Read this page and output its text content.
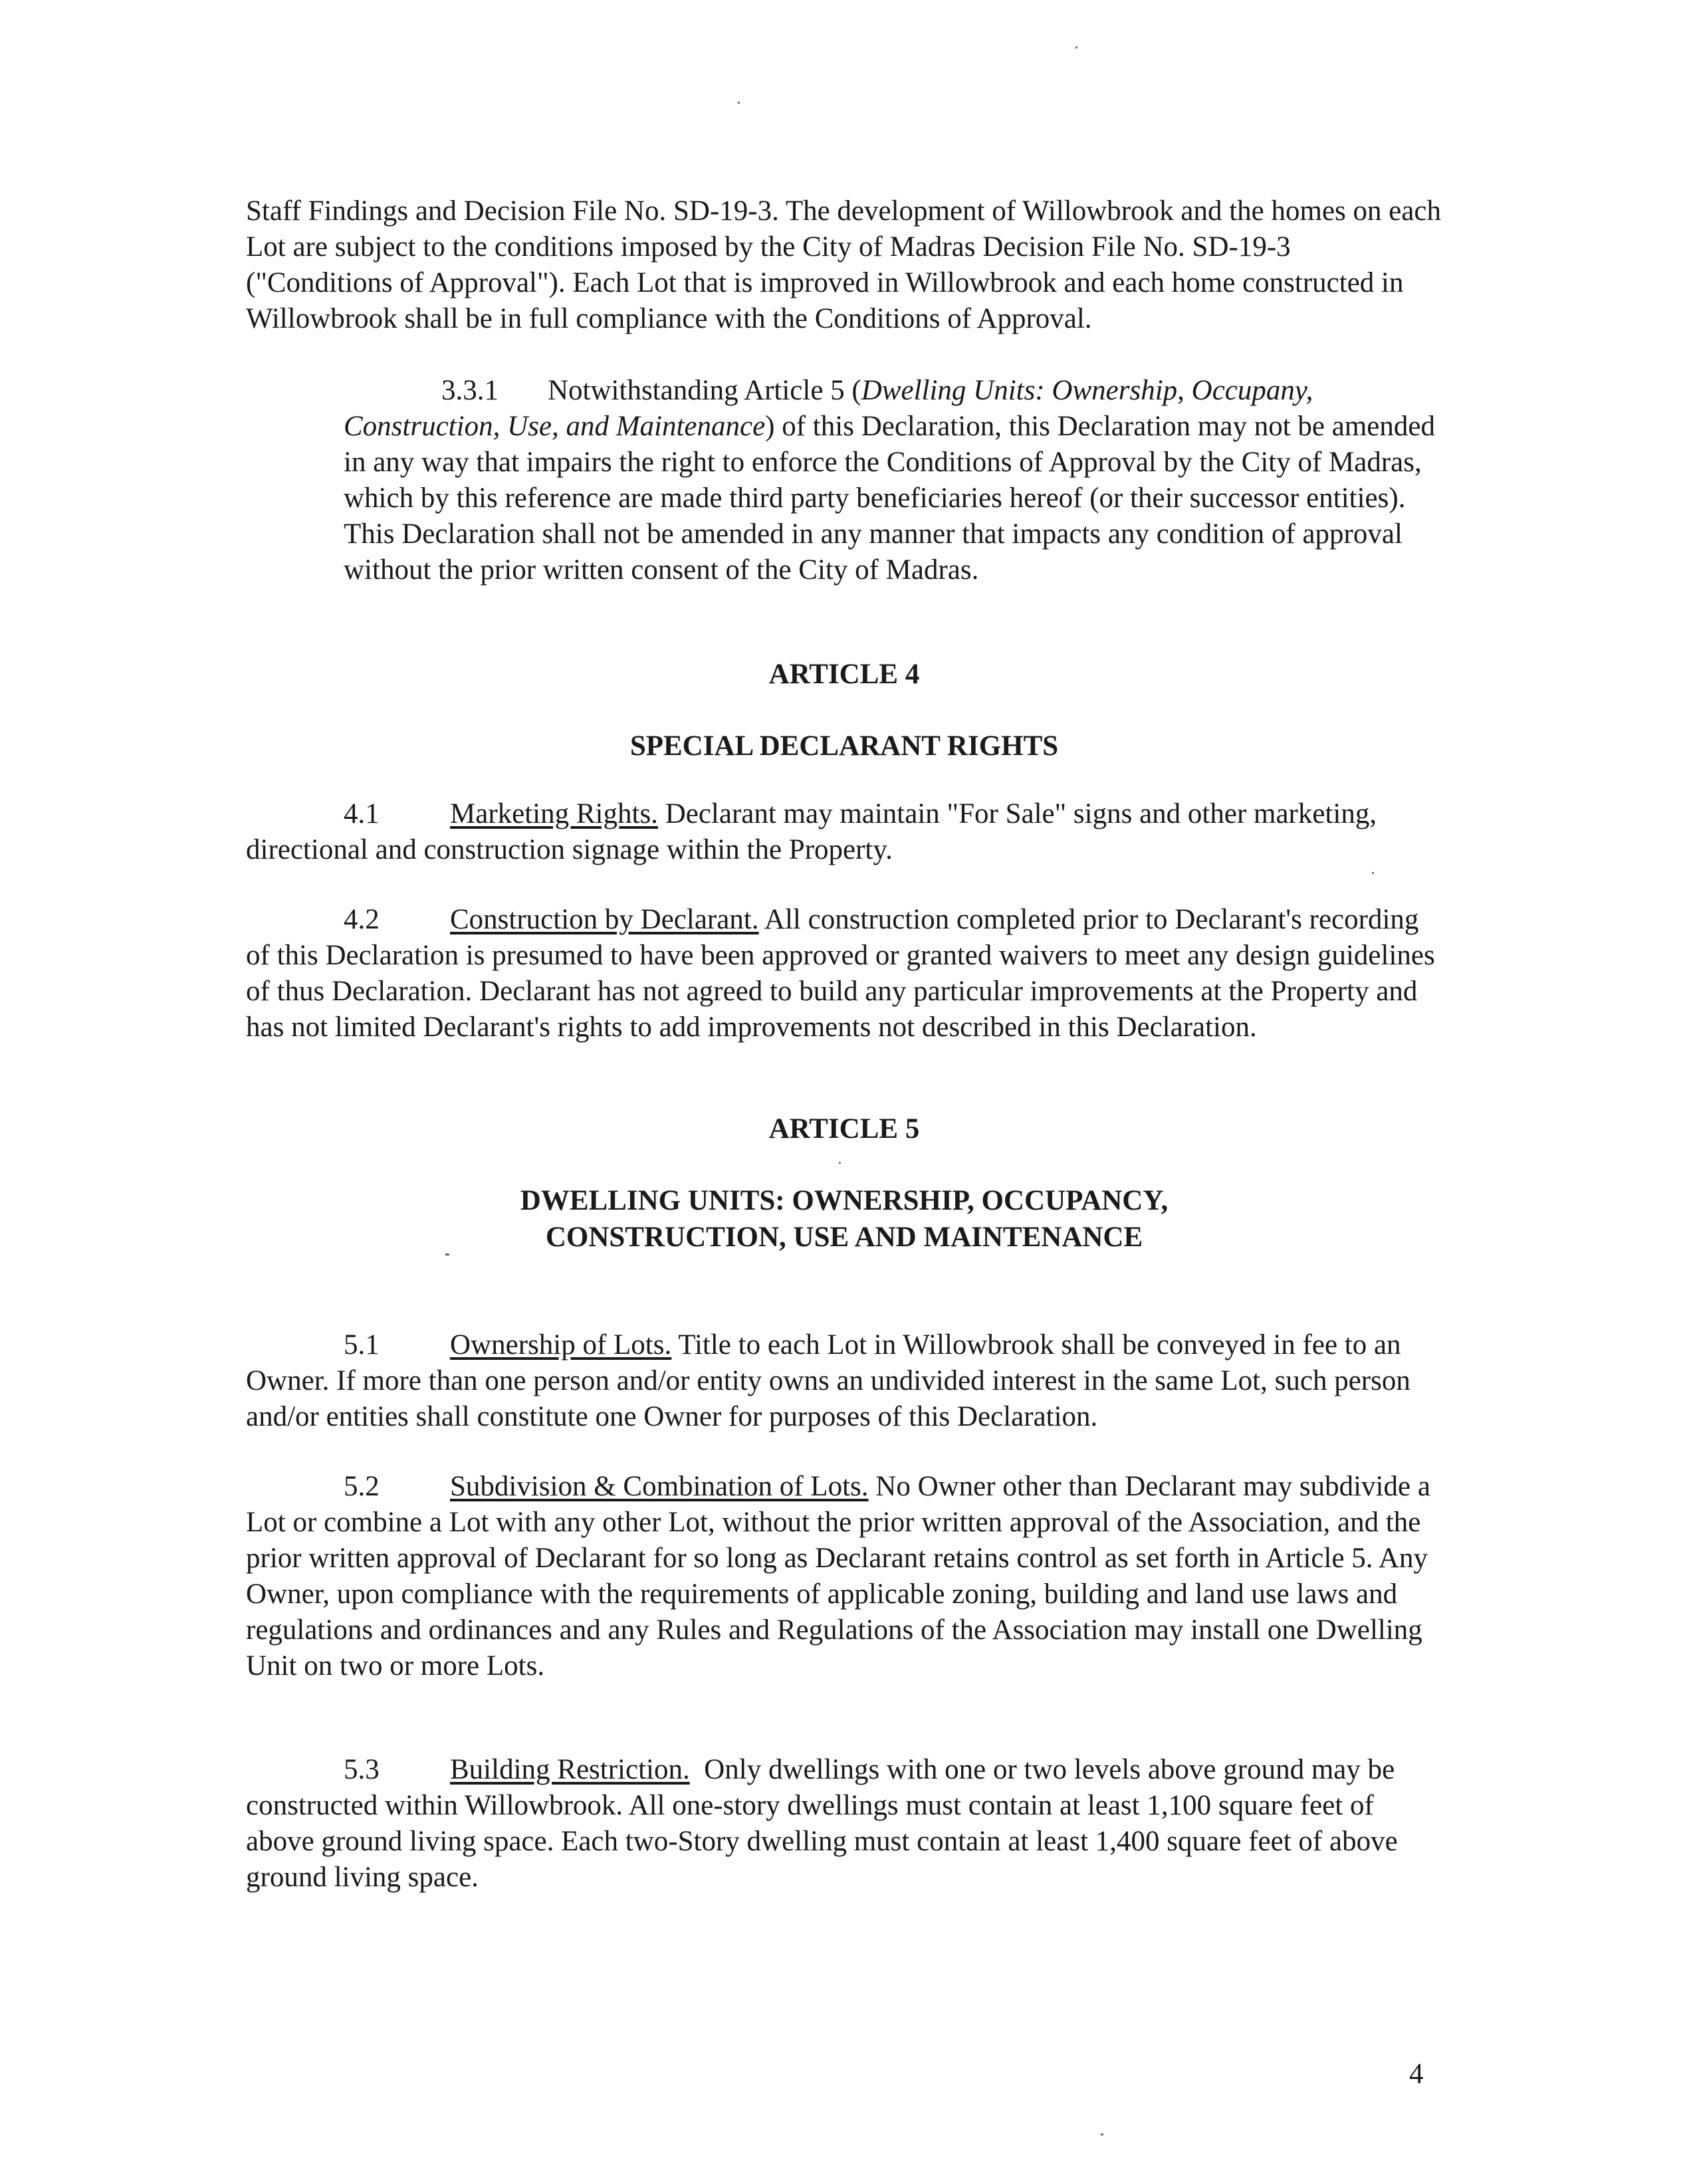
Staff Findings and Decision File No. SD-19-3. The development of Willowbrook and the homes on each Lot are subject to the conditions imposed by the City of Madras Decision File No. SD-19-3 ("Conditions of Approval"). Each Lot that is improved in Willowbrook and each home constructed in Willowbrook shall be in full compliance with the Conditions of Approval.

3.3.1 Notwithstanding Article 5 (Dwelling Units: Ownership, Occupany, Construction, Use, and Maintenance) of this Declaration, this Declaration may not be amended in any way that impairs the right to enforce the Conditions of Approval by the City of Madras, which by this reference are made third party beneficiaries hereof (or their successor entities). This Declaration shall not be amended in any manner that impacts any condition of approval without the prior written consent of the City of Madras.

ARTICLE 4

SPECIAL DECLARANT RIGHTS

4.1 Marketing Rights. Declarant may maintain "For Sale" signs and other marketing, directional and construction signage within the Property.

4.2 Construction by Declarant. All construction completed prior to Declarant's recording of this Declaration is presumed to have been approved or granted waivers to meet any design guidelines of thus Declaration. Declarant has not agreed to build any particular improvements at the Property and has not limited Declarant's rights to add improvements not described in this Declaration.

ARTICLE 5

DWELLING UNITS: OWNERSHIP, OCCUPANCY,

CONSTRUCTION, USE AND MAINTENANCE

5.1 Ownership of Lots. Title to each Lot in Willowbrook shall be conveyed in fee to an Owner. If more than one person and/or entity owns an undivided interest in the same Lot, such person and/or entities shall constitute one Owner for purposes of this Declaration.

5.2 Subdivision & Combination of Lots. No Owner other than Declarant may subdivide a Lot or combine a Lot with any other Lot, without the prior written approval of the Association, and the prior written approval of Declarant for so long as Declarant retains control as set forth in Article 5. Any Owner, upon compliance with the requirements of applicable zoning, building and land use laws and regulations and ordinances and any Rules and Regulations of the Association may install one Dwelling Unit on two or more Lots.

5.3 Building Restriction.  Only dwellings with one or two levels above ground may be constructed within Willowbrook. All one-story dwellings must contain at least 1,100 square feet of above ground living space. Each two-Story dwelling must contain at least 1,400 square feet of above ground living space.

4
